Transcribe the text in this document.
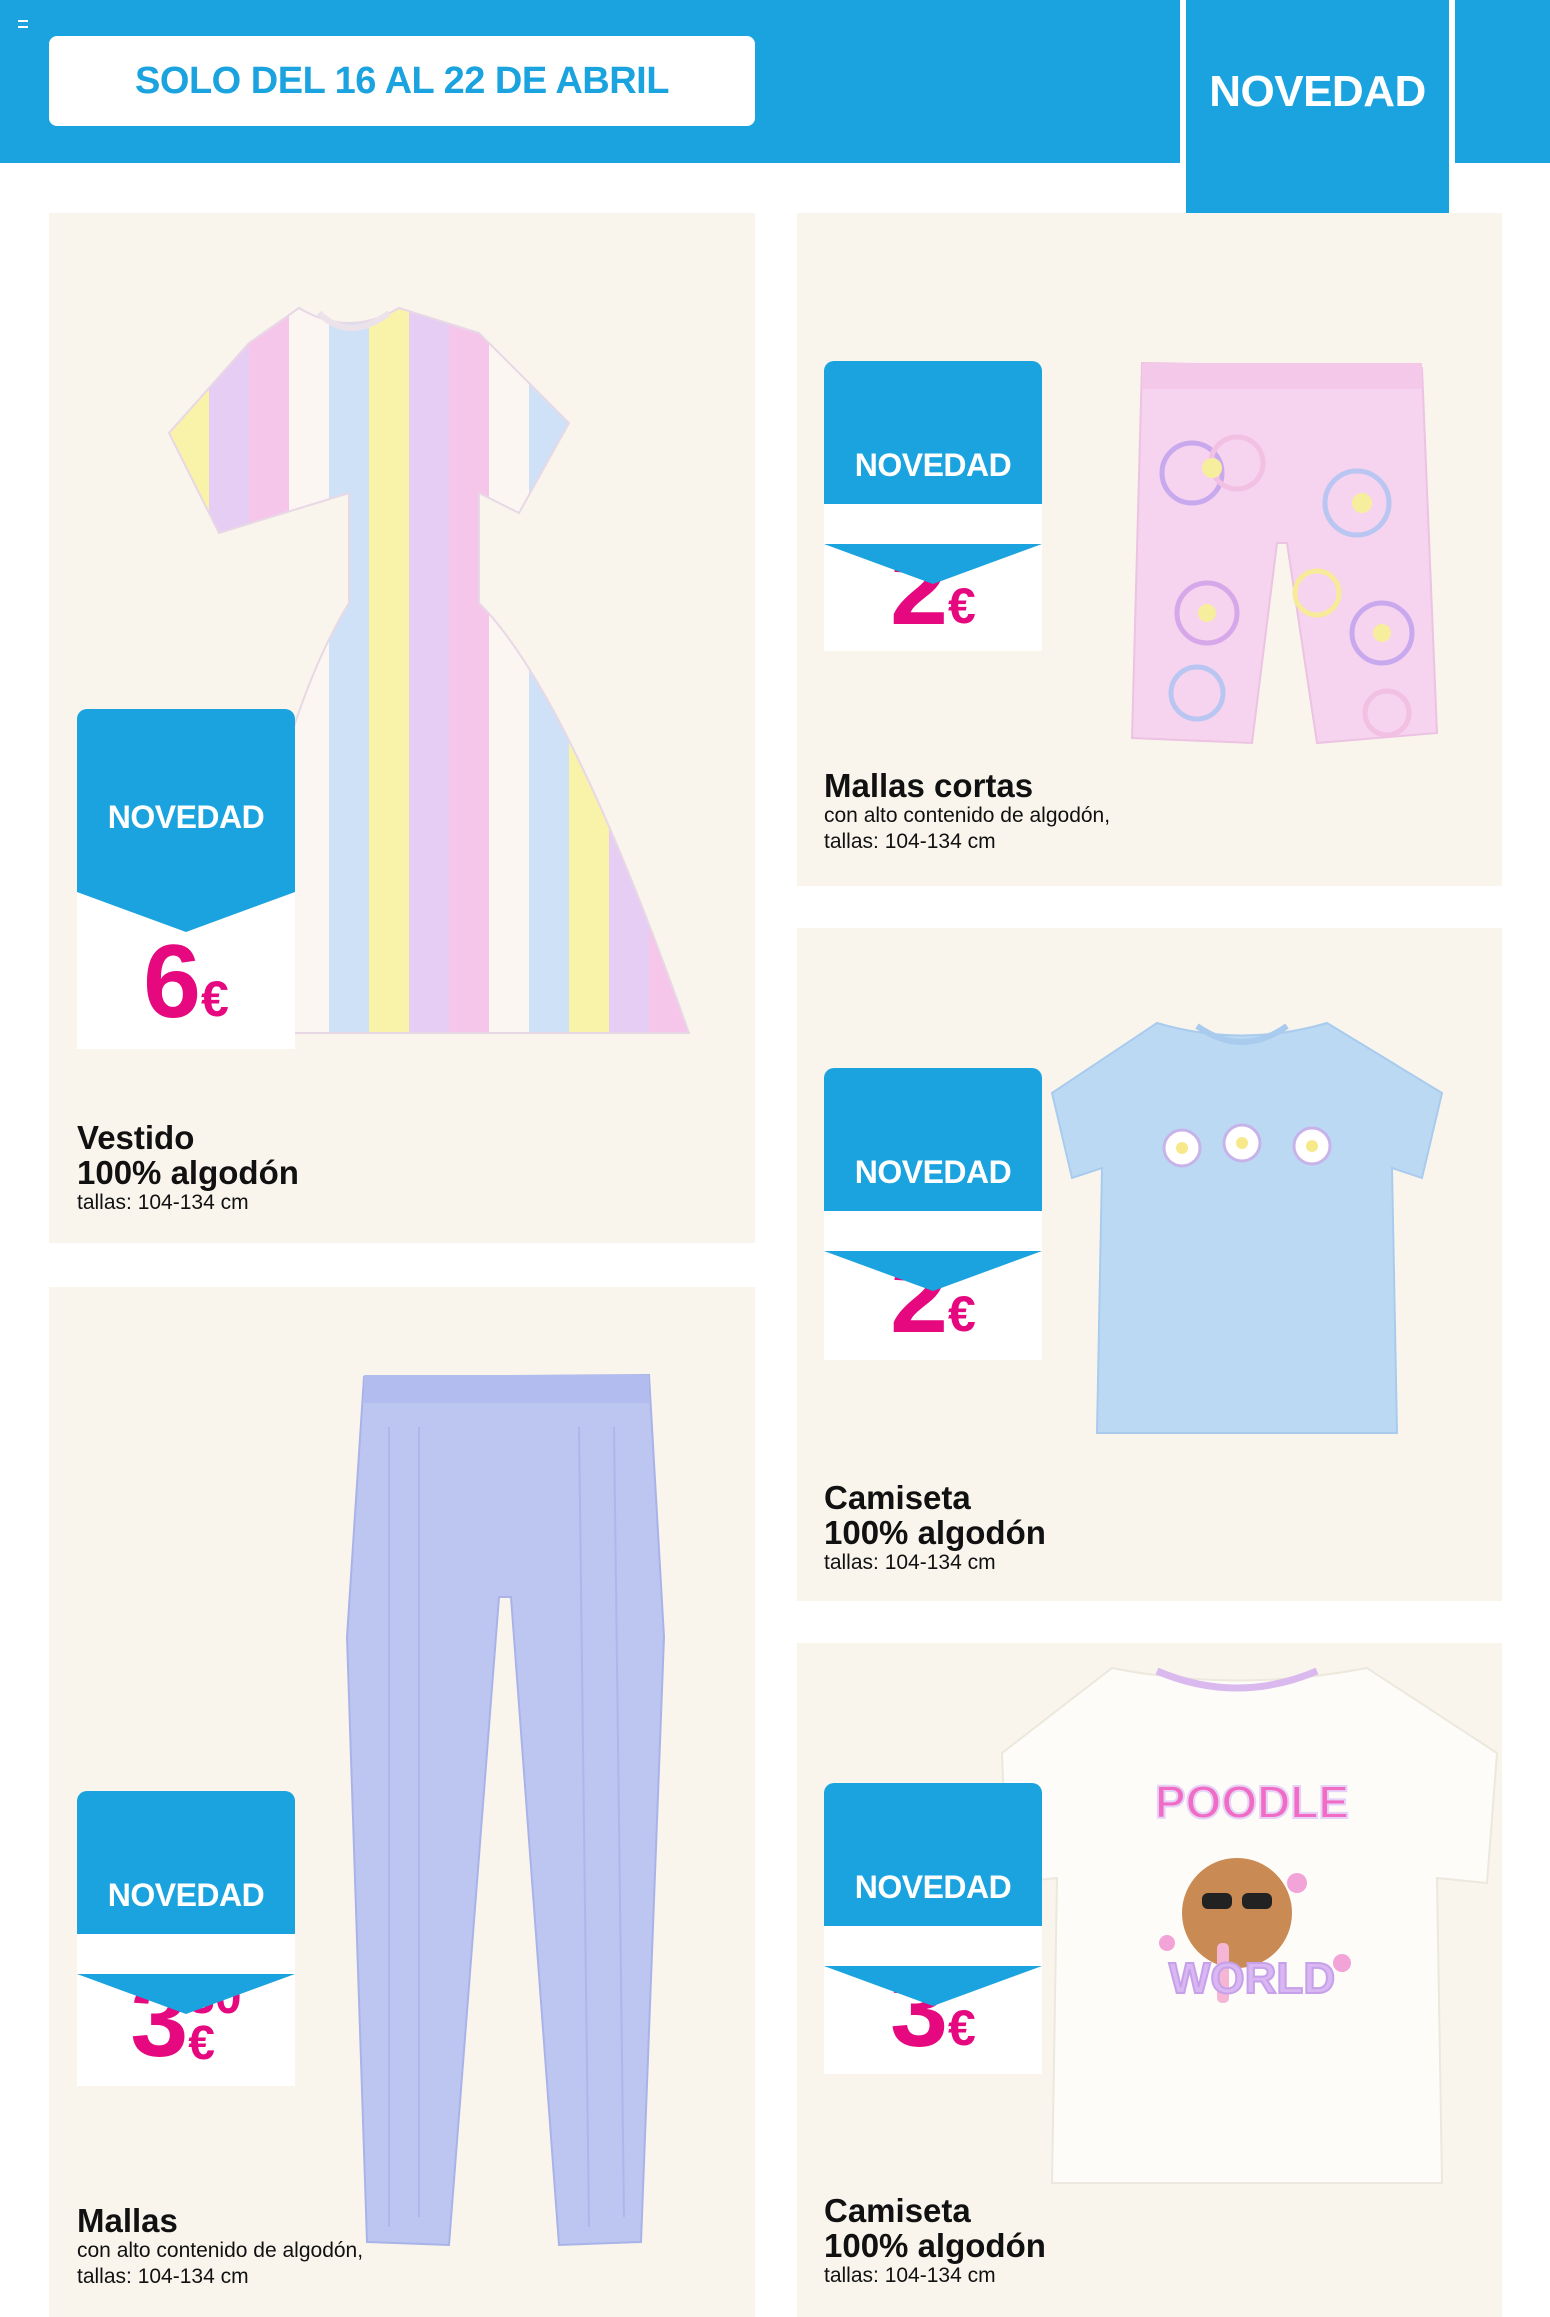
SOLO DEL 16 AL 22 DE ABRIL	NOVEDAD
NOVEDAD
6 €
Vestido
100% algodón
tallas: 104-134 cm
NOVEDAD
2 €
Mallas cortas
con alto contenido de algodón,
tallas: 104-134 cm
NOVEDAD
2 €
Camiseta
100% algodón
tallas: 104-134 cm
NOVEDAD
3 €
Mallas
con alto contenido de algodón,
tallas: 104-134 cm
POODLE
WORLD
NOVEDAD
3 €
Camiseta
100% algodón
tallas: 104-134 cm
